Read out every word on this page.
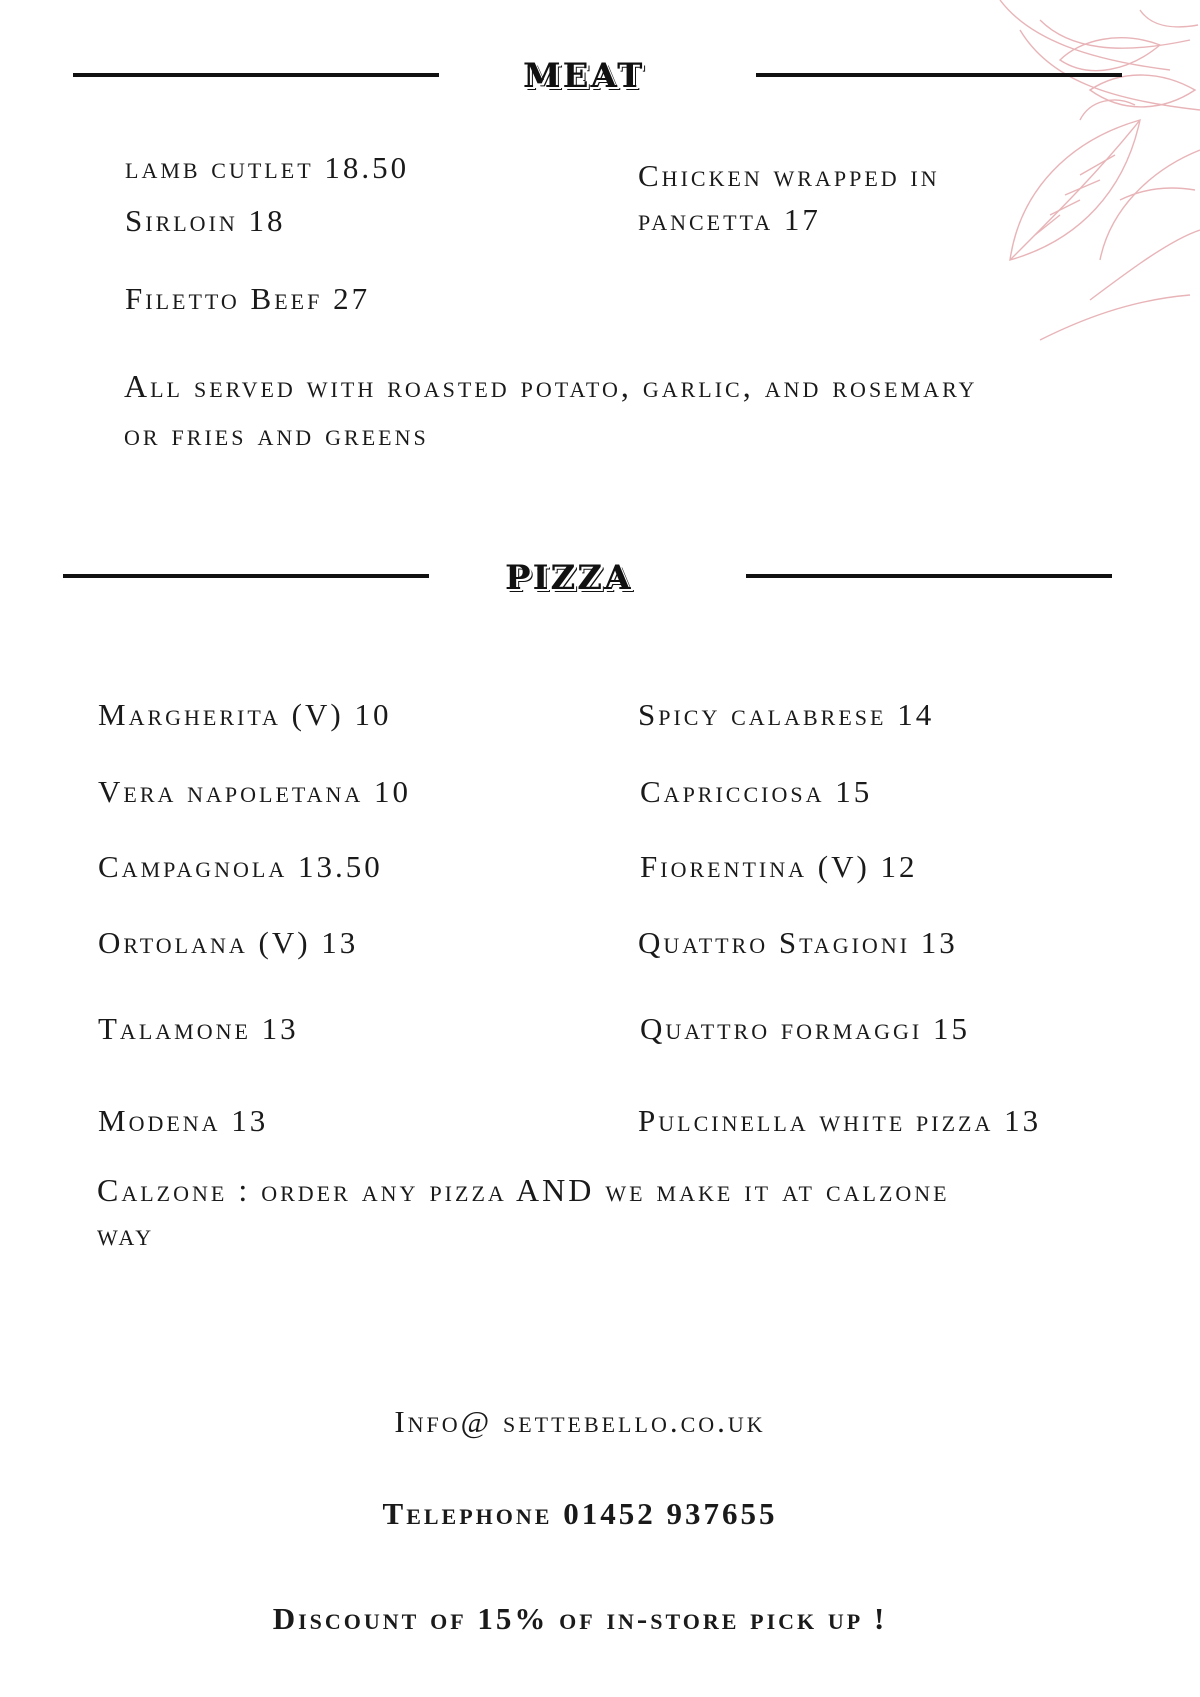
MEAT
lamb cutlet 18.50
Sirloin 18
Filetto Beef 27
Chicken wrapped in
pancetta 17
All served with roasted potato, garlic, and rosemary or fries and greens
PIZZA
Margherita (V) 10
Vera napoletana 10
Campagnola 13.50
Ortolana (V) 13
Talamone 13
Modena 13
Spicy calabrese 14
Capricciosa 15
Fiorentina (V) 12
Quattro Stagioni 13
Quattro formaggi 15
Pulcinella white pizza 13
Calzone : order any pizza AND we make it at calzone way
Info@ settebello.co.uk
Telephone 01452 937655
Discount of 15% of in-store pick up !
